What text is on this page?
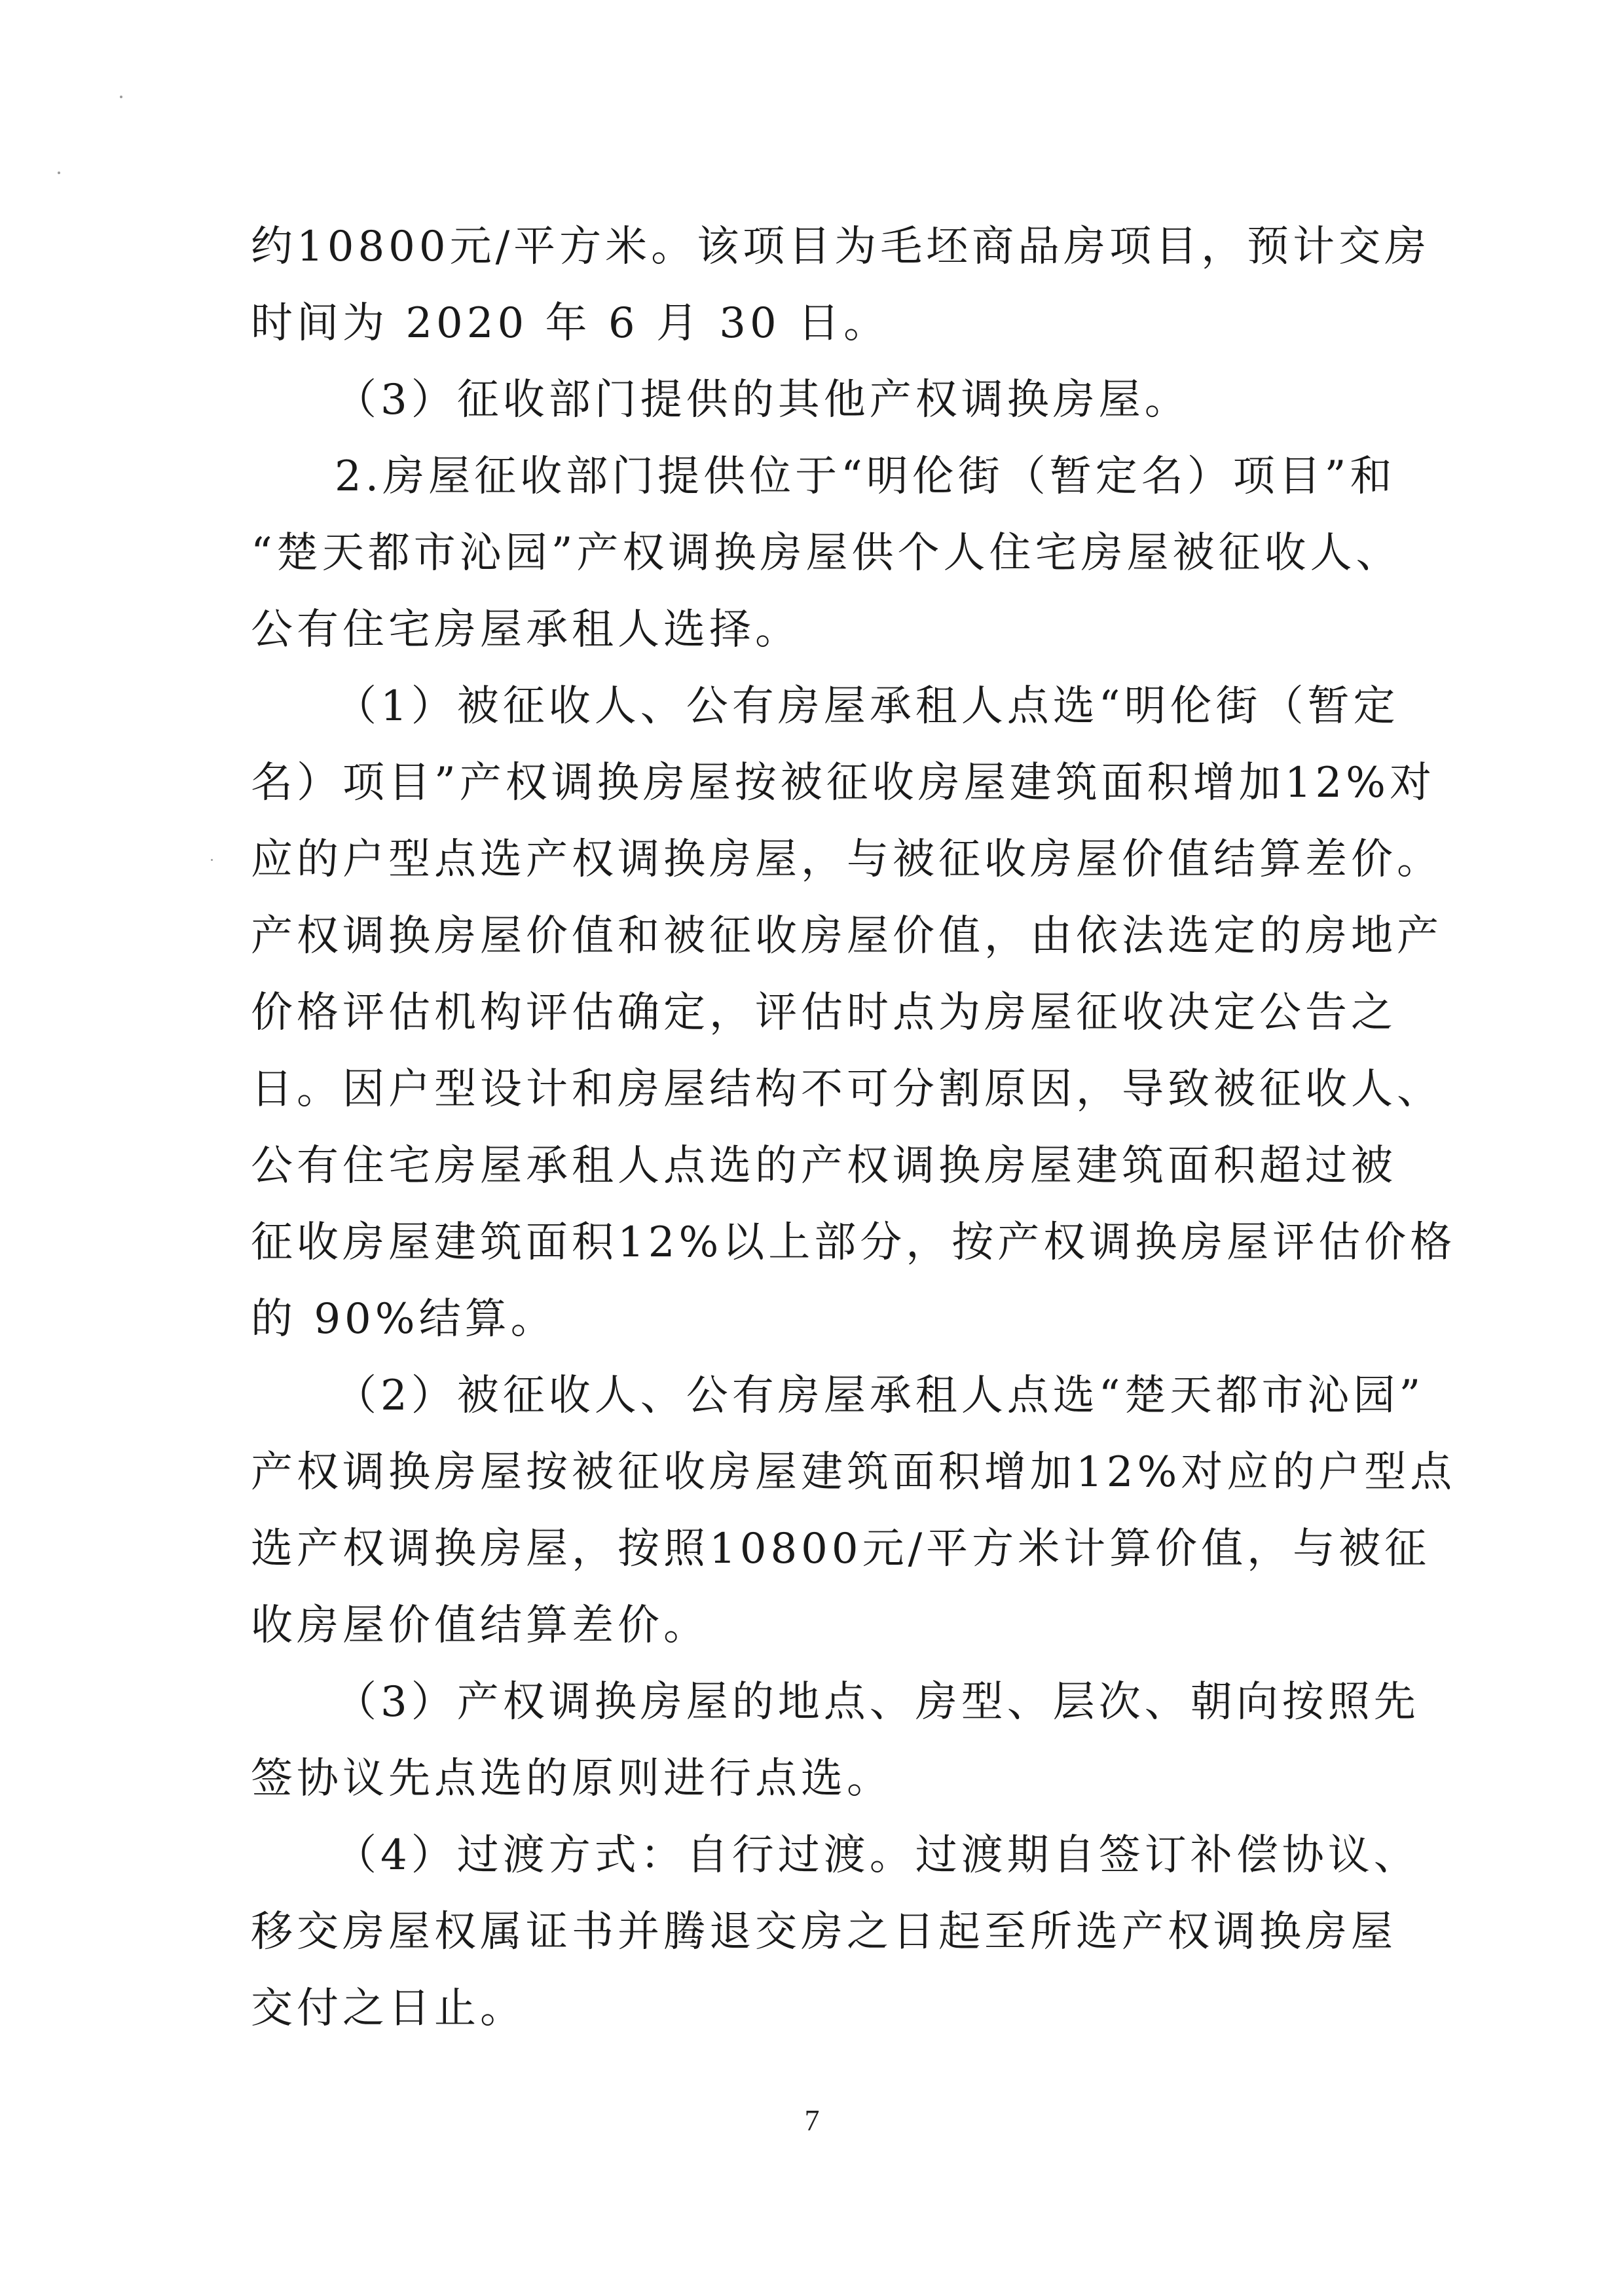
约 1 0 8 0 0 元 / 平 方 米 。 该 项 目 为 毛 坯 商 品 房 项 目 ， 预 计 交 房
时间为 2020 年 6 月 30 日。
（3）征收部门提供的其他产权调换房屋。
2 . 房 屋 征 收 部 门 提 供 位 于 “ 明 伦 街 （ 暂 定 名 ） 项 目 ” 和
“ 楚 天 都 市 沁 园 ” 产 权 调 换 房 屋 供 个 人 住 宅 房 屋 被 征 收 人 、
公有住宅房屋承租人选择。
（ 1 ） 被 征 收 人 、 公 有 房 屋 承 租 人 点 选 “ 明 伦 街 （ 暂 定
名 ） 项 目 ” 产 权 调 换 房 屋 按 被 征 收 房 屋 建 筑 面 积 增 加 1 2 % 对
应 的 户 型 点 选 产 权 调 换 房 屋 ， 与 被 征 收 房 屋 价 值 结 算 差 价 。
产 权 调 换 房 屋 价 值 和 被 征 收 房 屋 价 值 ， 由 依 法 选 定 的 房 地 产
价 格 评 估 机 构 评 估 确 定 ， 评 估 时 点 为 房 屋 征 收 决 定 公 告 之
日 。 因 户 型 设 计 和 房 屋 结 构 不 可 分 割 原 因 ， 导 致 被 征 收 人 、
公 有 住 宅 房 屋 承 租 人 点 选 的 产 权 调 换 房 屋 建 筑 面 积 超 过 被
征 收 房 屋 建 筑 面 积 1 2 % 以 上 部 分 ， 按 产 权 调 换 房 屋 评 估 价 格
的 90%结算。
（ 2 ） 被 征 收 人 、 公 有 房 屋 承 租 人 点 选 “ 楚 天 都 市 沁 园 ”
产 权 调 换 房 屋 按 被 征 收 房 屋 建 筑 面 积 增 加 1 2 % 对 应 的 户 型 点
选 产 权 调 换 房 屋 ， 按 照 1 0 8 0 0 元 / 平 方 米 计 算 价 值 ， 与 被 征
收房屋价值结算差价。
（ 3 ） 产 权 调 换 房 屋 的 地 点 、 房 型 、 层 次 、 朝 向 按 照 先
签协议先点选的原则进行点选。
（ 4 ） 过 渡 方 式 ： 自 行 过 渡 。 过 渡 期 自 签 订 补 偿 协 议 、
移 交 房 屋 权 属 证 书 并 腾 退 交 房 之 日 起 至 所 选 产 权 调 换 房 屋
交付之日止。
7
